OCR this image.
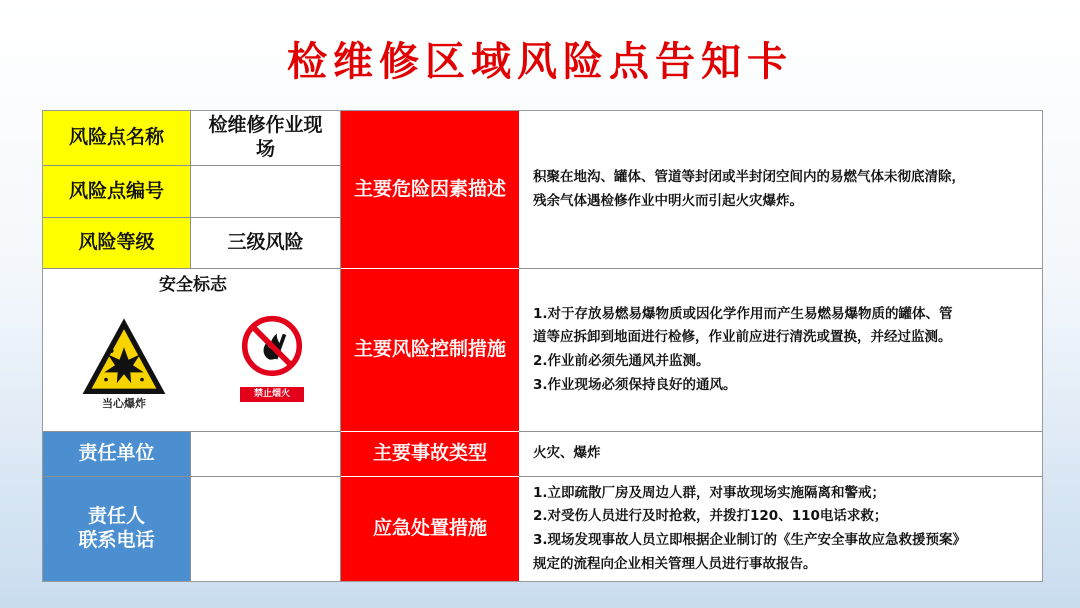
检维修区域风险点告知卡
风险点名称
检维修作业现场
风险点编号
风险等级	三级风险
安全标志
当心爆炸
禁止烟火
责任单位
责任人
联系电话
主要危险因素描述
主要风险控制措施
主要事故类型
应急处置措施

积聚在地沟、罐体、管道等封闭或半封闭空间内的易燃气体未彻底清除，

残余气体遇检修作业中明火而引起火灾爆炸。

1.对于存放易燃易爆物质或因化学作用而产生易燃易爆物质的罐体、管

道等应拆卸到地面进行检修，作业前应进行清洗或置换，并经过监测。

2.作业前必须先通风并监测。

3.作业现场必须保持良好的通风。

火灾、爆炸

1.立即疏散厂房及周边人群，对事故现场实施隔离和警戒；

2.对受伤人员进行及时抢救，并拨打120、110电话求救；

3.现场发现事故人员立即根据企业制订的《生产安全事故应急救援预案》

规定的流程向企业相关管理人员进行事故报告。
